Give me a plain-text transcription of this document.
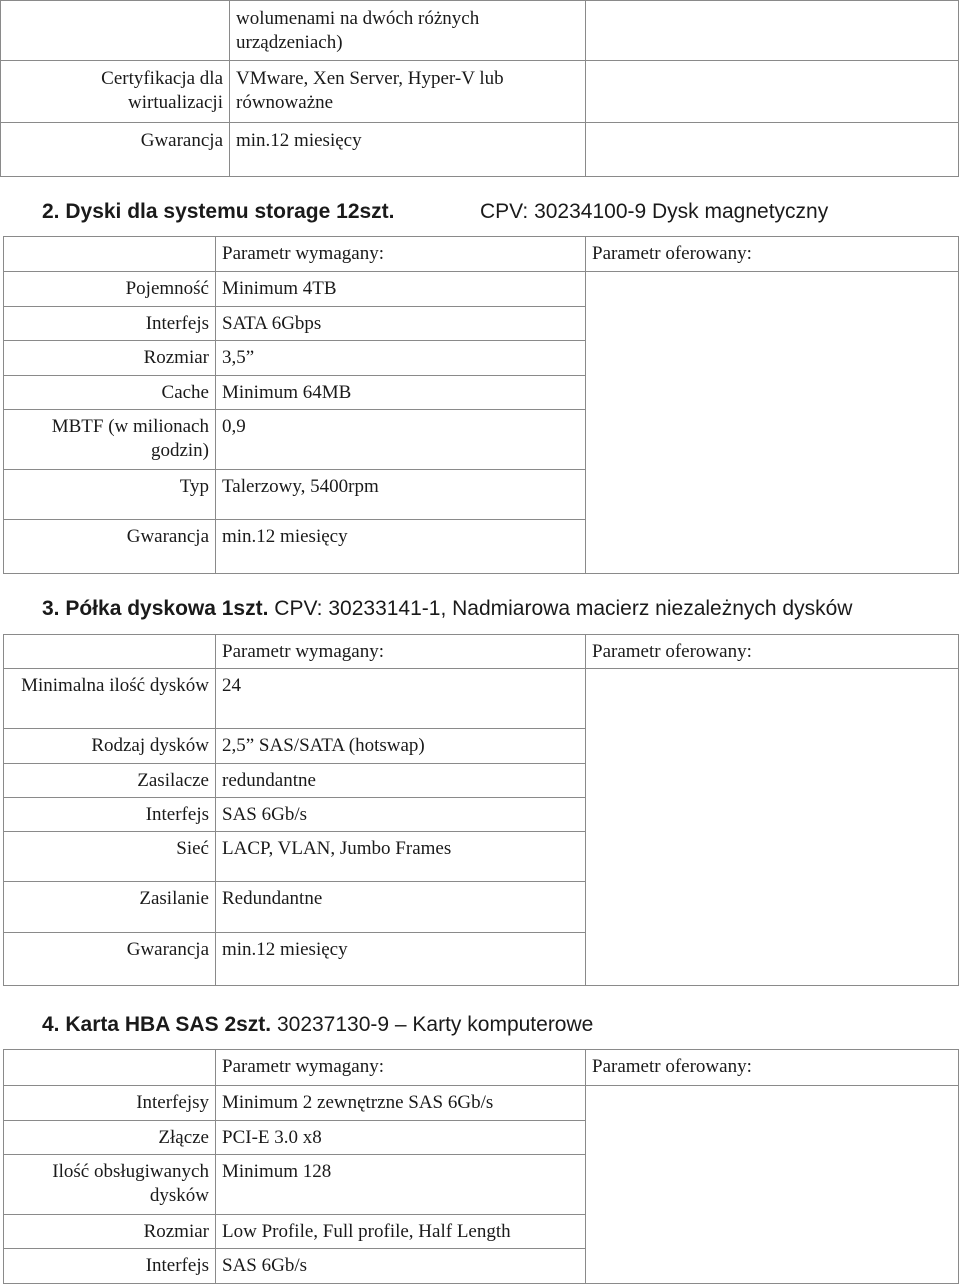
	wolumenami na dwóch różnych urządzeniach)	
Certyfikacja dla wirtualizacji	VMware, Xen Server, Hyper-V lub równoważne	
Gwarancja	min.12 miesięcy	
2. Dyski dla systemu storage 12szt.	CPV: 30234100-9 Dysk magnetyczny
	Parametr wymagany:	Parametr oferowany:
Pojemność	Minimum 4TB	
Interfejs	SATA 6Gbps	
Rozmiar	3,5”	
Cache	Minimum 64MB	
MBTF (w milionach godzin)	0,9	
Typ	Talerzowy, 5400rpm	
Gwarancja	min.12 miesięcy	
3. Półka dyskowa 1szt. CPV: 30233141-1, Nadmiarowa macierz niezależnych dysków
	Parametr wymagany:	Parametr oferowany:
Minimalna ilość dysków	24	
Rodzaj dysków	2,5” SAS/SATA (hotswap)	
Zasilacze	redundantne	
Interfejs	SAS 6Gb/s	
Sieć	LACP, VLAN, Jumbo Frames	
Zasilanie	Redundantne	
Gwarancja	min.12 miesięcy	
4. Karta HBA SAS 2szt. 30237130-9 – Karty komputerowe
	Parametr wymagany:	Parametr oferowany:
Interfejsy	Minimum 2 zewnętrzne SAS 6Gb/s	
Złącze	PCI-E 3.0 x8	
Ilość obsługiwanych dysków	Minimum 128	
Rozmiar	Low Profile, Full profile, Half Length	
Interfejs	SAS 6Gb/s	
